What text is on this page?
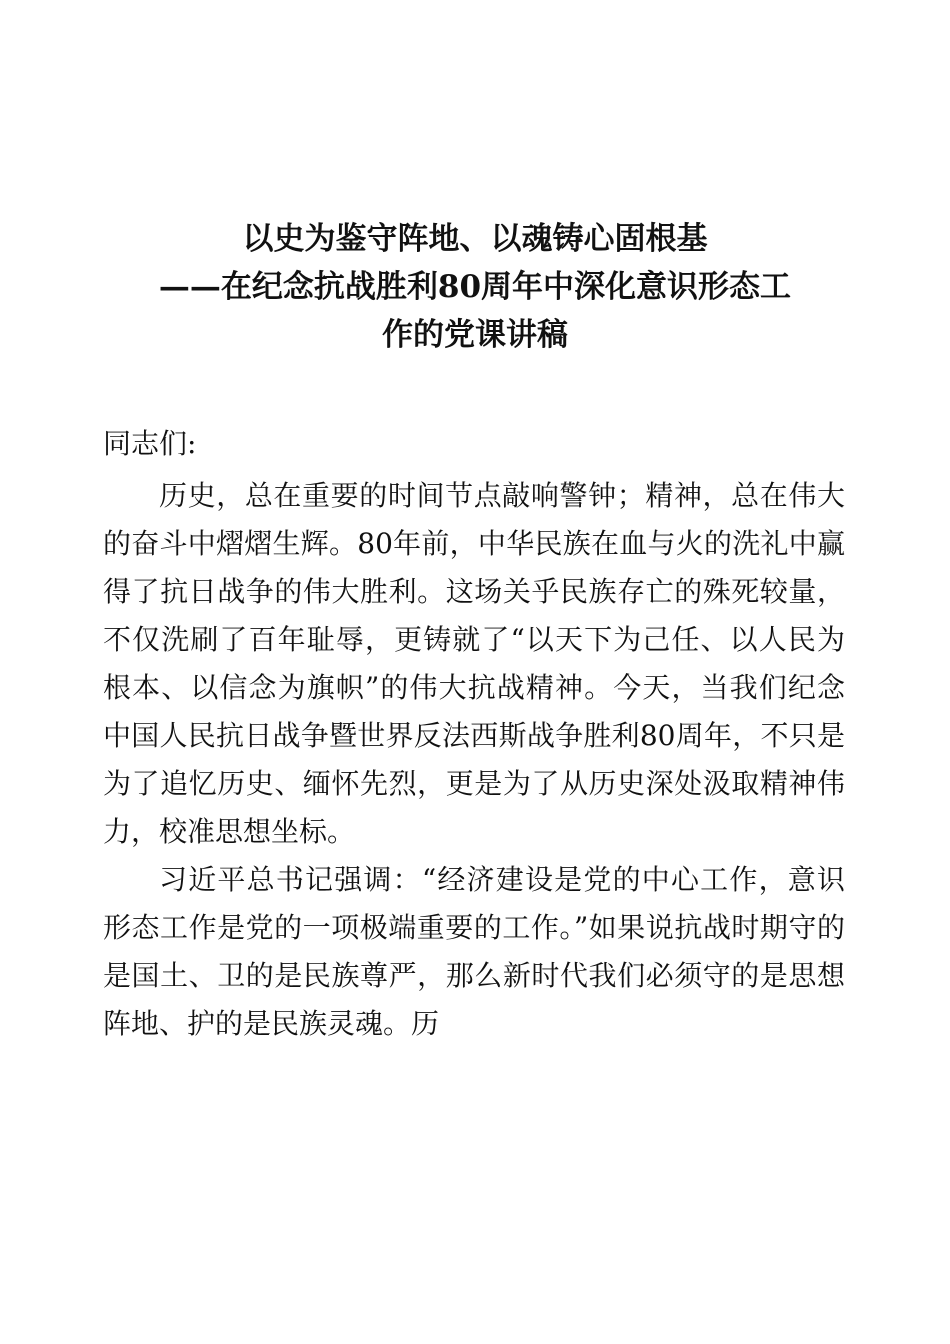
以史为鉴守阵地、以魂铸心固根基
——在纪念抗战胜利80周年中深化意识形态工
作的党课讲稿
同志们:

历史，总在重要的时间节点敲响警钟；精神，总在伟大的奋斗中熠熠生辉。80年前，中华民族在血与火的洗礼中赢得了抗日战争的伟大胜利。这场关乎民族存亡的殊死较量，不仅洗刷了百年耻辱，更铸就了“以天下为己任、以人民为根本、以信念为旗帜”的伟大抗战精神。今天，当我们纪念中国人民抗日战争暨世界反法西斯战争胜利80周年，不只是为了追忆历史、缅怀先烈，更是为了从历史深处汲取精神伟力，校准思想坐标。

习近平总书记强调：“经济建设是党的中心工作，意识形态工作是党的一项极端重要的工作。”如果说抗战时期守的是国土、卫的是民族尊严，那么新时代我们必须守的是思想阵地、护的是民族灵魂。历
